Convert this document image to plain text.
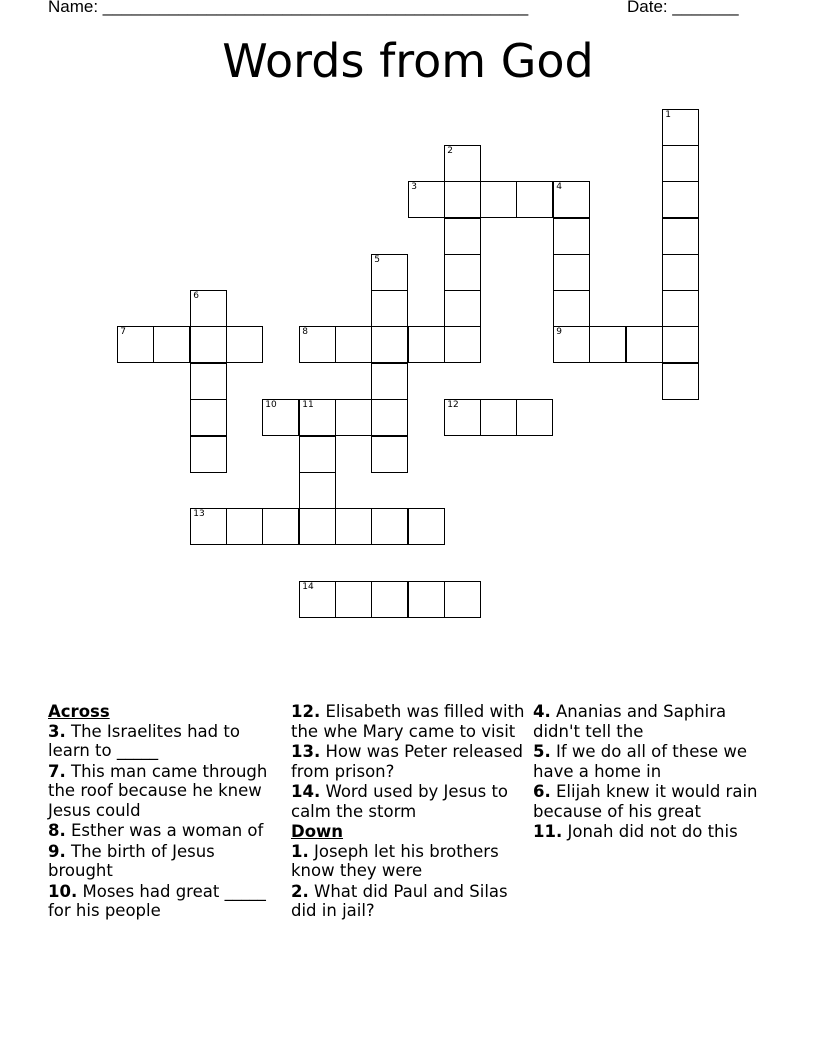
Name: _____________________________________________	Date: _______
Words from God
1
2
3	4
9
5
6
7	8
10	11	12
13
14
Across
3. The Israelites had to learn to _____
7. This man came through the roof because he knew Jesus could
8. Esther was a woman of
9. The birth of Jesus brought
10. Moses had great _____ for his people
12. Elisabeth was filled with the whe Mary came to visit
13. How was Peter released from prison?
14. Word used by Jesus to calm the storm
Down
1. Joseph let his brothers know they were
2. What did Paul and Silas did in jail?
4. Ananias and Saphira didn't tell the
5. If we do all of these we have a home in
6. Elijah knew it would rain because of his great
11. Jonah did not do this
